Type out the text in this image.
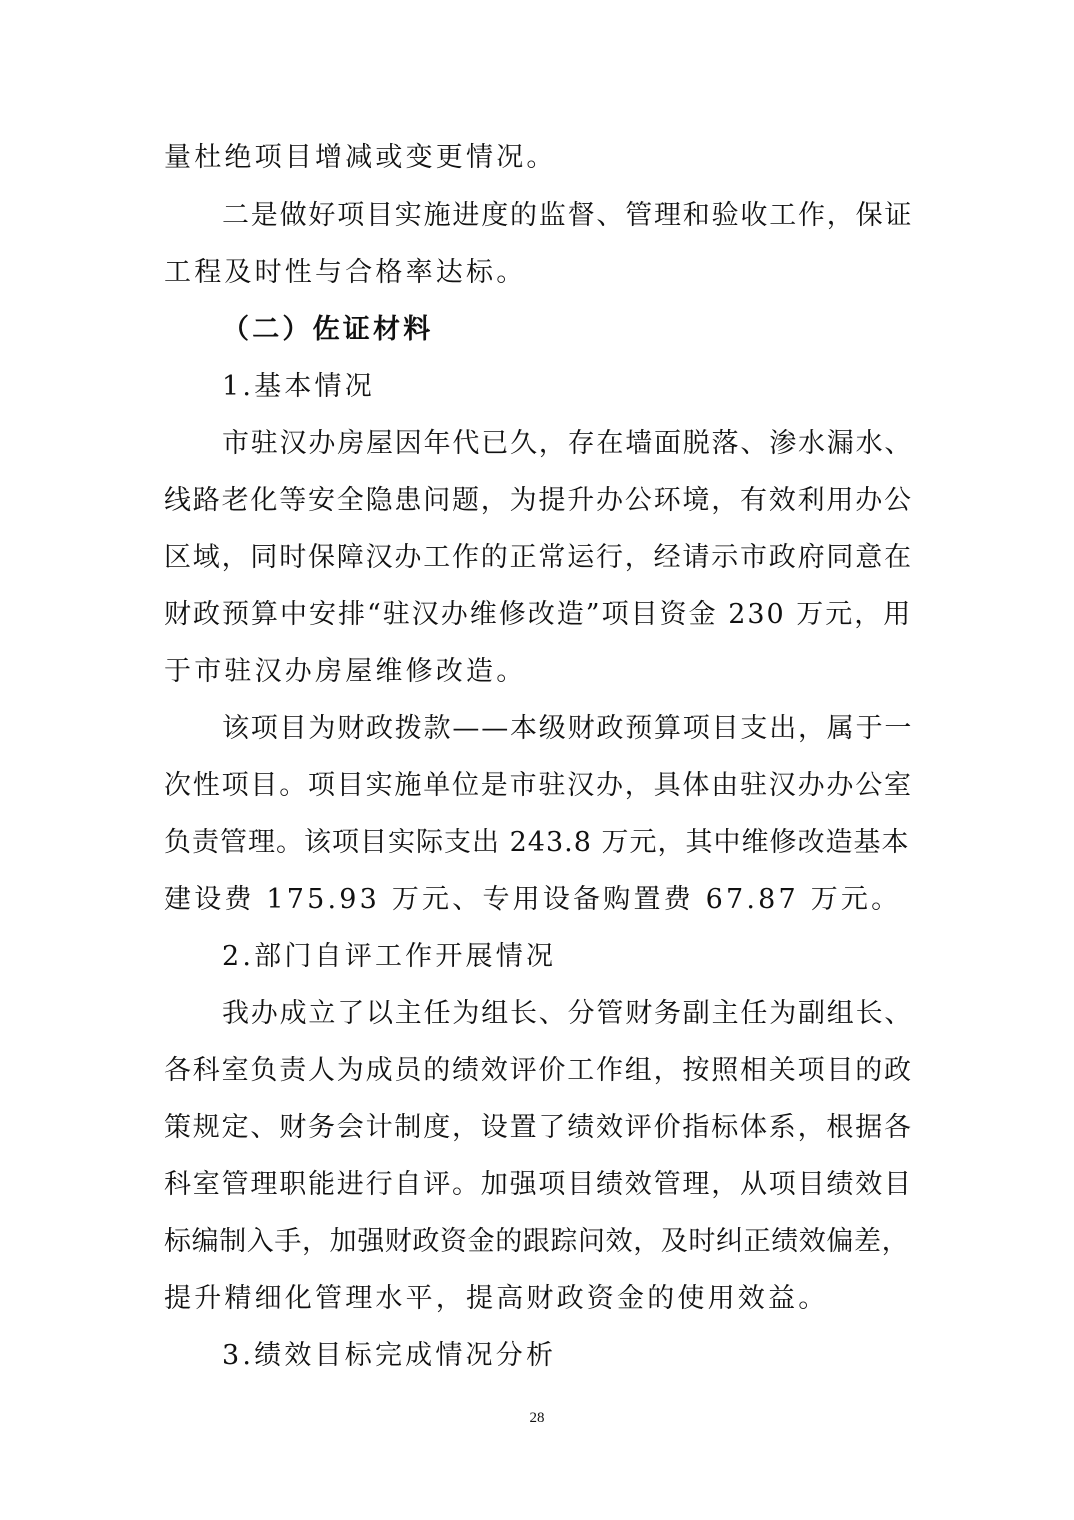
量杜绝项目增减或变更情况。
二是做好项目实施进度的监督、管理和验收工作，保证
工程及时性与合格率达标。
（二）佐证材料
1.基本情况
市驻汉办房屋因年代已久，存在墙面脱落、渗水漏水、
线路老化等安全隐患问题，为提升办公环境，有效利用办公
区域，同时保障汉办工作的正常运行，经请示市政府同意在
财政预算中安排“驻汉办维修改造”项目资金 230 万元，用
于市驻汉办房屋维修改造。
该项目为财政拨款——本级财政预算项目支出，属于一
次性项目。项目实施单位是市驻汉办，具体由驻汉办办公室
负责管理。该项目实际支出 243.8 万元，其中维修改造基本
建设费 175.93 万元、专用设备购置费 67.87 万元。
2.部门自评工作开展情况
我办成立了以主任为组长、分管财务副主任为副组长、
各科室负责人为成员的绩效评价工作组，按照相关项目的政
策规定、财务会计制度，设置了绩效评价指标体系，根据各
科室管理职能进行自评。加强项目绩效管理，从项目绩效目
标编制入手，加强财政资金的跟踪问效，及时纠正绩效偏差，
提升精细化管理水平，提高财政资金的使用效益。
3.绩效目标完成情况分析
28
